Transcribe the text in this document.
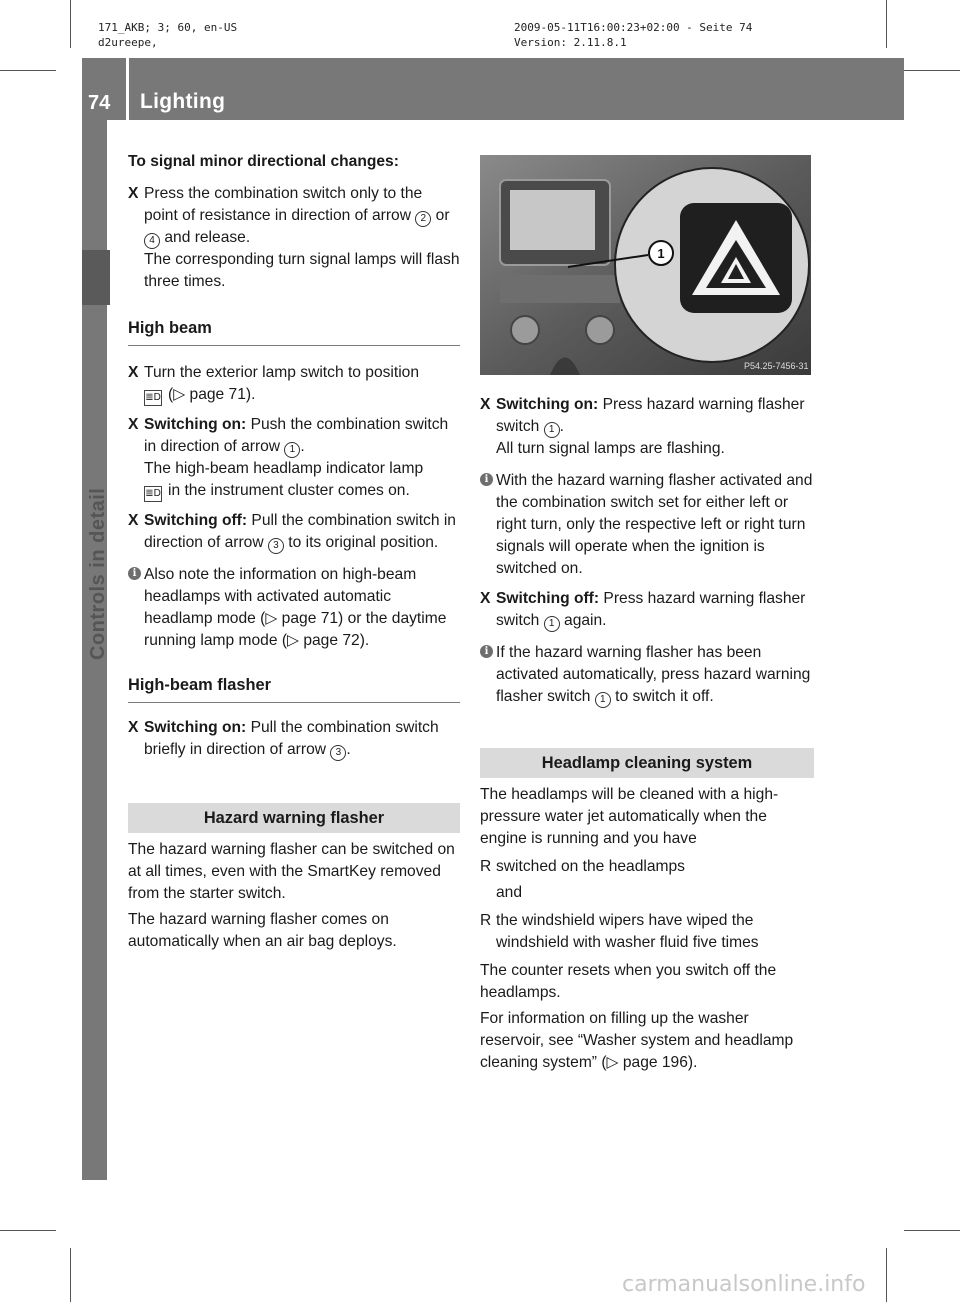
171_AKB; 3; 60, en-US
d2ureepe,
2009-05-11T16:00:23+02:00 - Seite 74
Version: 2.11.8.1
74	Lighting
Controls in detail

To signal minor directional changes:

X Press the combination switch only to the point of resistance in direction of arrow 2 or 4 and release.

The corresponding turn signal lamps will flash three times.

High beam

X Turn the exterior lamp switch to position
≣D (▷ page 71).
X Switching on: Push the combination switch in direction of arrow 1 .

The high-beam headlamp indicator lamp
≣D in the instrument cluster comes on.

X Switching off: Pull the combination switch in direction of arrow 3 to its original position.
i Also note the information on high-beam headlamps with activated automatic headlamp mode (▷ page 71) or the daytime running lamp mode (▷ page 72).

High-beam flasher

X Switching on: Pull the combination switch briefly in direction of arrow 3 .

Hazard warning flasher

The hazard warning flasher can be switched on at all times, even with the SmartKey removed from the starter switch.

The hazard warning flasher comes on automatically when an air bag deploys.

1
P54.25-7456-31
X Switching on: Press hazard warning flasher switch 1 .

All turn signal lamps are flashing.

i With the hazard warning flasher activated and the combination switch set for either left or right turn, only the respective left or right turn signals will operate when the ignition is switched on.
X Switching off: Press hazard warning flasher switch 1 again.
i If the hazard warning flasher has been activated automatically, press hazard warning flasher switch 1 to switch it off.

Headlamp cleaning system

The headlamps will be cleaned with a high-pressure water jet automatically when the engine is running and you have

R switched on the headlamps

and

R the windshield wipers have wiped the windshield with washer fluid five times

The counter resets when you switch off the headlamps.

For information on filling up the washer reservoir, see “Washer system and headlamp cleaning system” (▷ page 196).

carmanualsonline.info
